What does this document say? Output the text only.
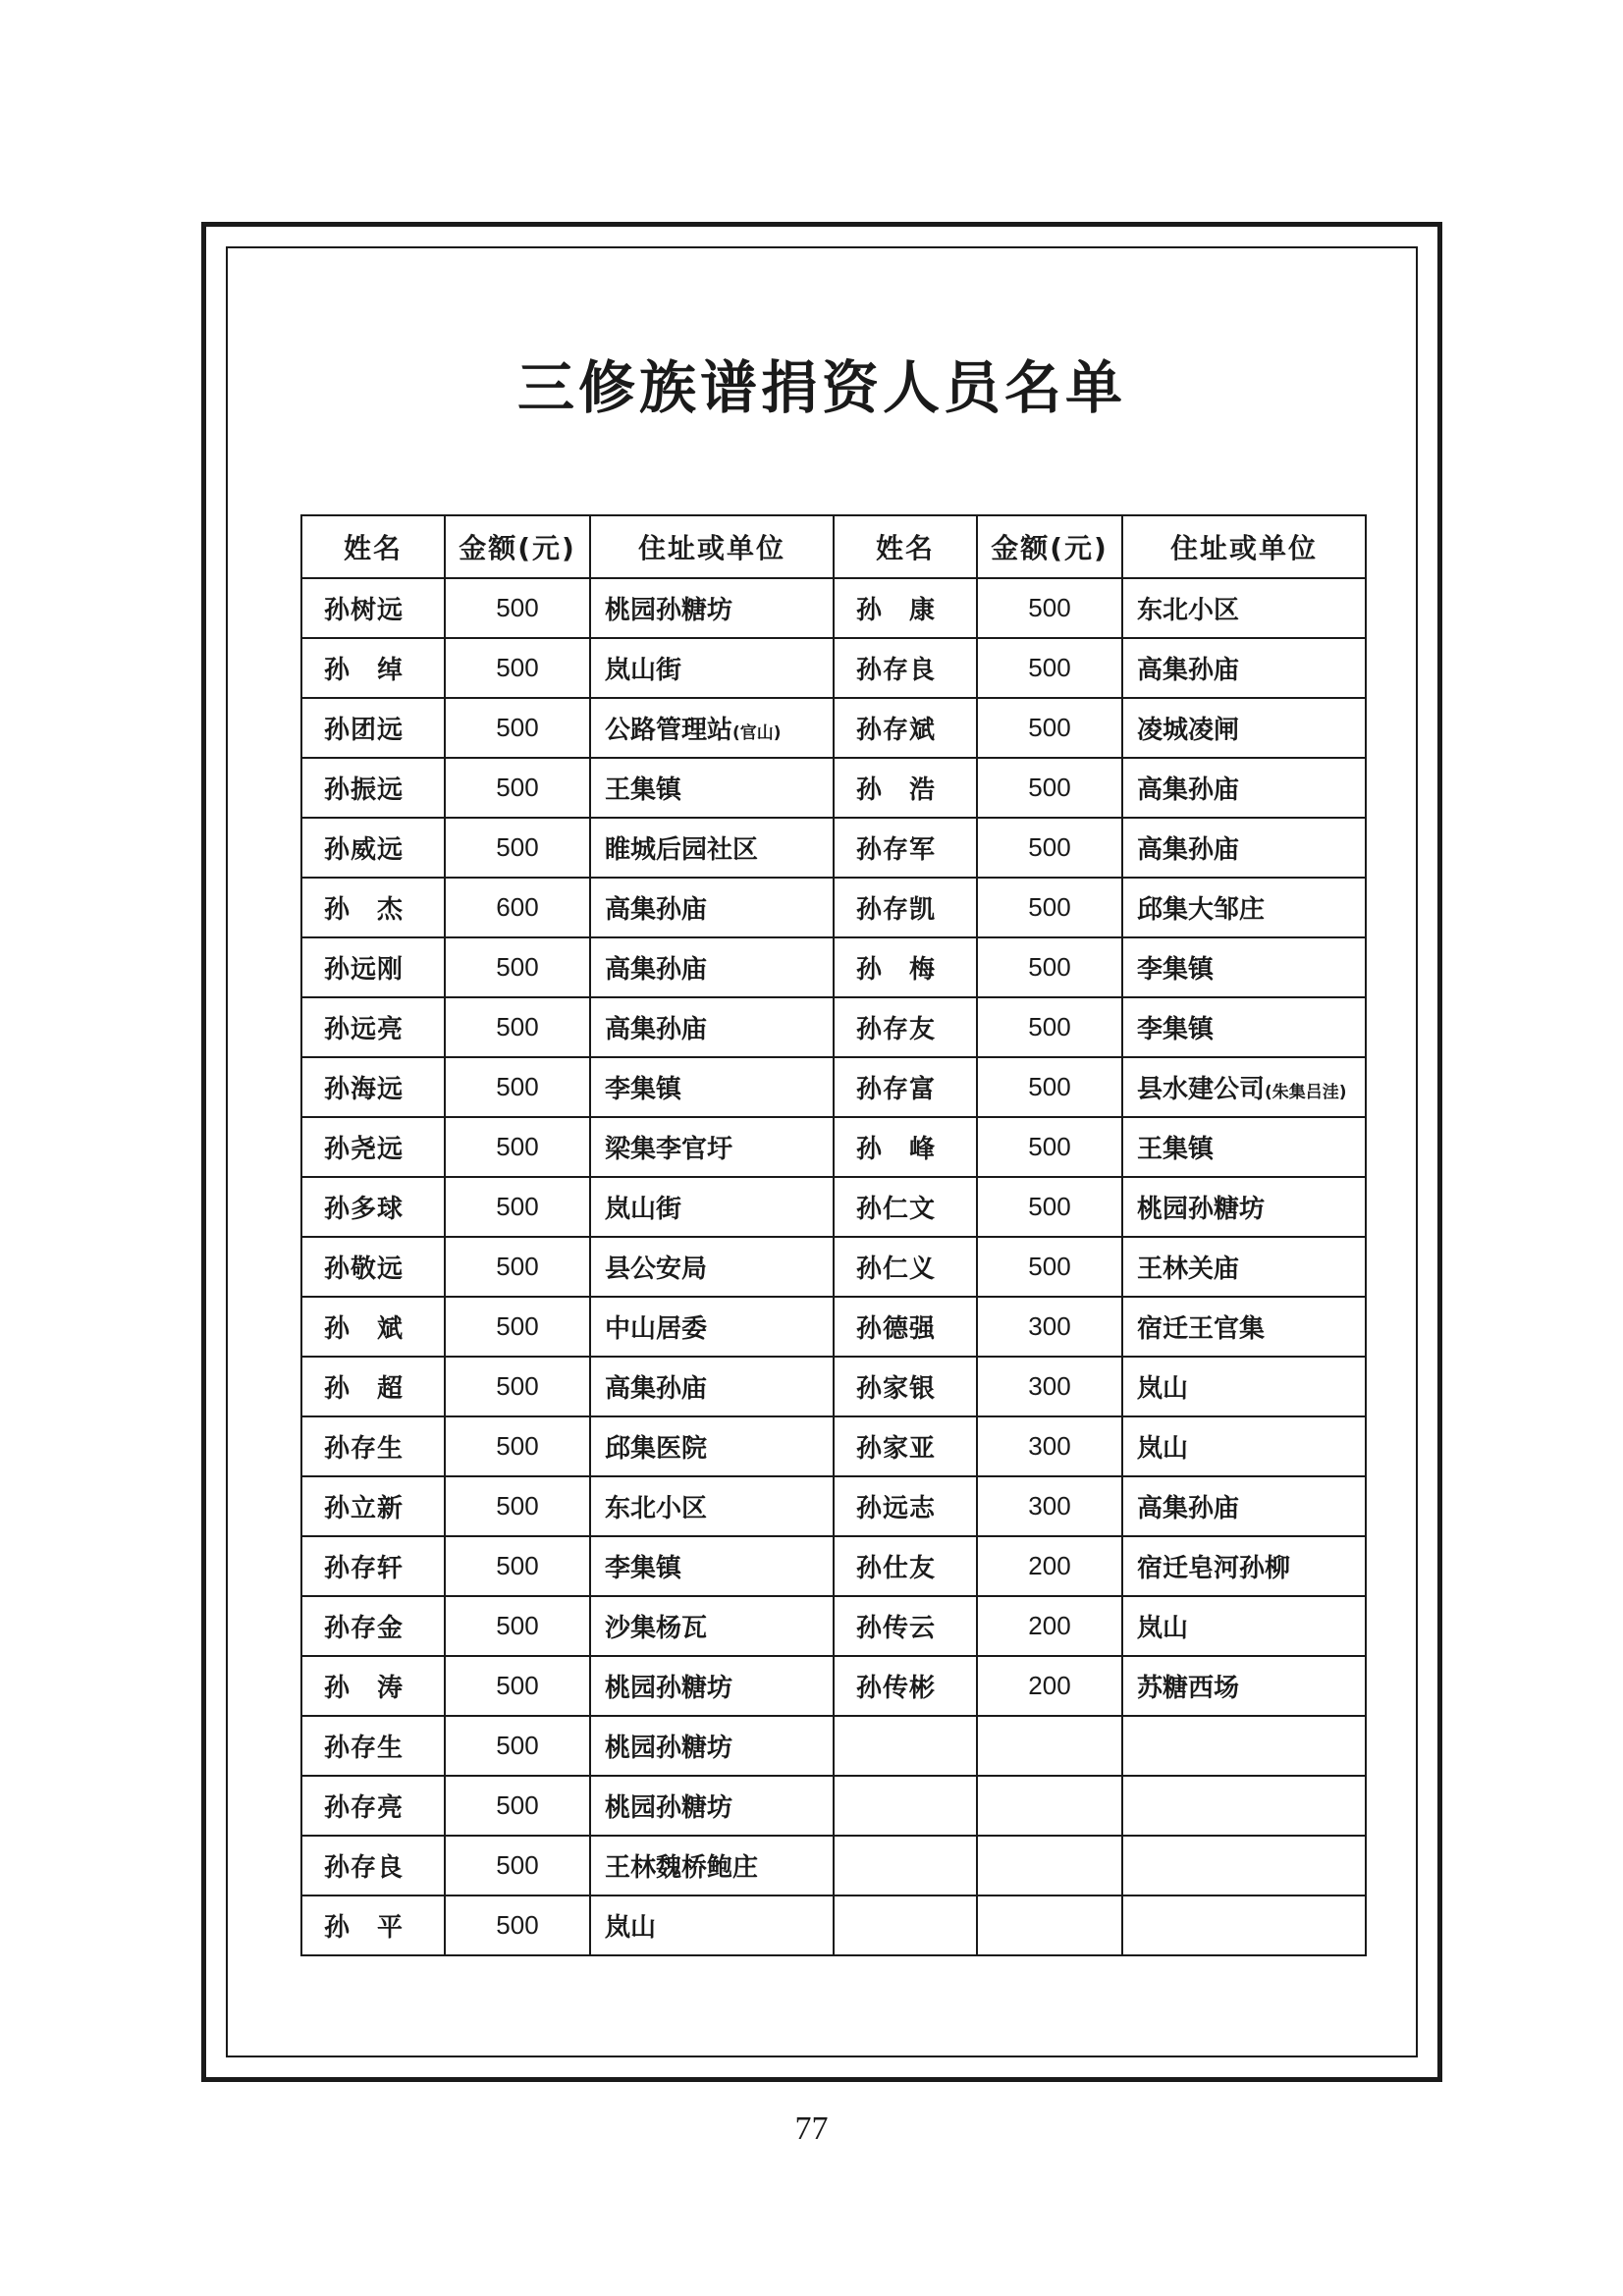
三修族谱捐资人员名单
姓名	金额(元)	住址或单位	姓名	金额(元)	住址或单位
孙树远	500	桃园孙糖坊	孙　康	500	东北小区
孙　绰	500	岚山街	孙存良	500	高集孙庙
孙团远	500	公路管理站(官山)	孙存斌	500	凌城凌闸
孙振远	500	王集镇	孙　浩	500	高集孙庙
孙威远	500	睢城后园社区	孙存军	500	高集孙庙
孙　杰	600	高集孙庙	孙存凯	500	邱集大邹庄
孙远刚	500	高集孙庙	孙　梅	500	李集镇
孙远亮	500	高集孙庙	孙存友	500	李集镇
孙海远	500	李集镇	孙存富	500	县水建公司(朱集吕洼)
孙尧远	500	梁集李官圩	孙　峰	500	王集镇
孙多球	500	岚山街	孙仁文	500	桃园孙糖坊
孙敬远	500	县公安局	孙仁义	500	王林关庙
孙　斌	500	中山居委	孙德强	300	宿迁王官集
孙　超	500	高集孙庙	孙家银	300	岚山
孙存生	500	邱集医院	孙家亚	300	岚山
孙立新	500	东北小区	孙远志	300	高集孙庙
孙存轩	500	李集镇	孙仕友	200	宿迁皂河孙柳
孙存金	500	沙集杨瓦	孙传云	200	岚山
孙　涛	500	桃园孙糖坊	孙传彬	200	苏糖西场
孙存生	500	桃园孙糖坊			
孙存亮	500	桃园孙糖坊			
孙存良	500	王林魏桥鲍庄			
孙　平	500	岚山			
77
